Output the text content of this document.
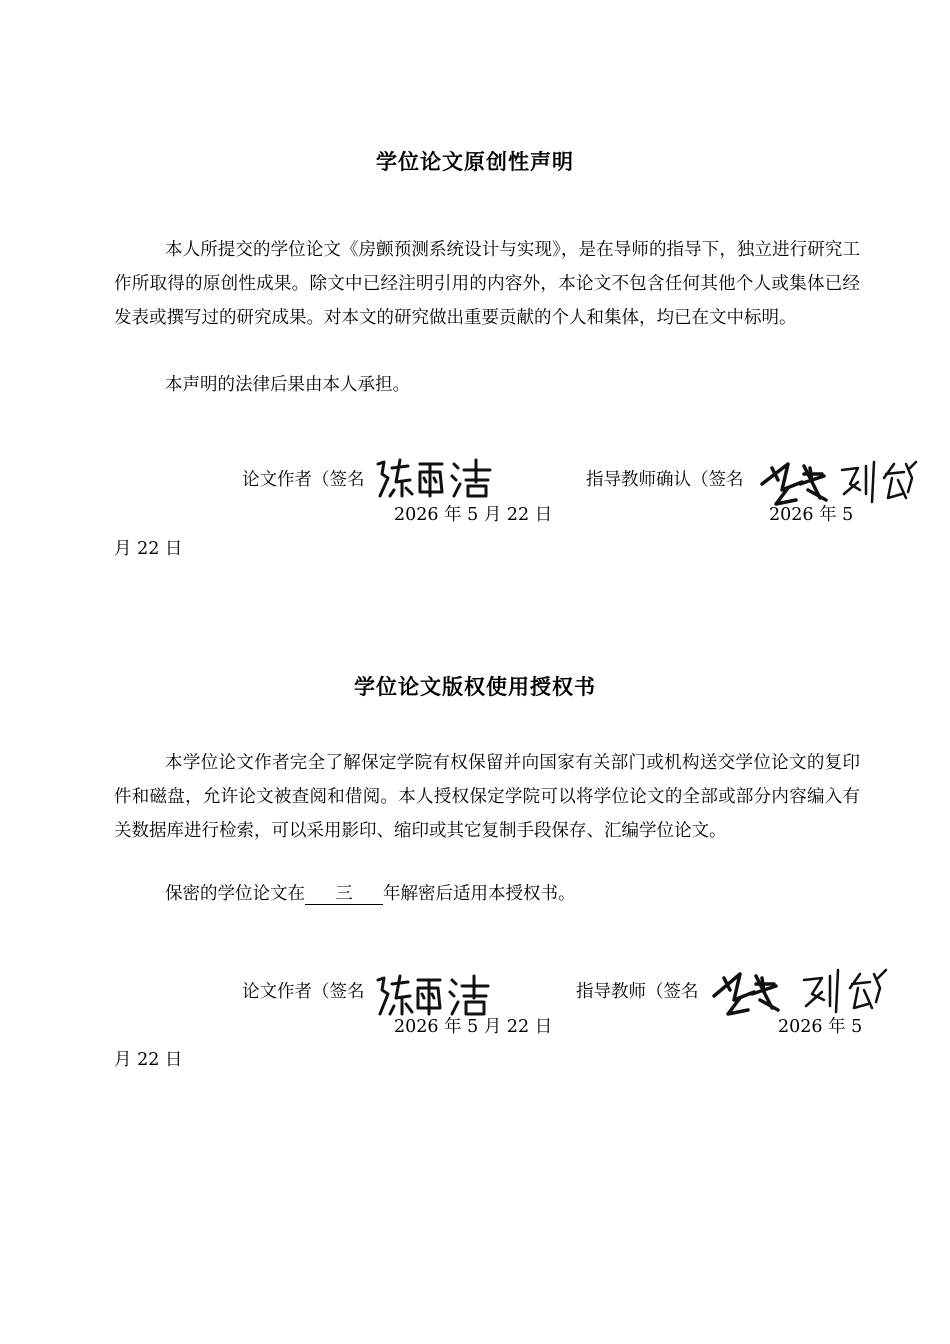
学位论文原创性声明

本人所提交的学位论文《房颤预测系统设计与实现》，是在导师的指导下，独立进行研究工作所取得的原创性成果。除文中已经注明引用的内容外，本论文不包含任何其他个人或集体已经发表或撰写过的研究成果。对本文的研究做出重要贡献的个人和集体，均已在文中标明。

本声明的法律后果由本人承担。

论文作者（签名	指导教师确认（签名
2026 年 5 月 22 日	2026 年 5
月 22 日
学位论文版权使用授权书

本学位论文作者完全了解保定学院有权保留并向国家有关部门或机构送交学位论文的复印件和磁盘，允许论文被查阅和借阅。本人授权保定学院可以将学位论文的全部或部分内容编入有关数据库进行检索，可以采用影印、缩印或其它复制手段保存、汇编学位论文。

保密的学位论文在 三 年解密后适用本授权书。
论文作者（签名	指导教师（签名
2026 年 5 月 22 日	2026 年 5
月 22 日
